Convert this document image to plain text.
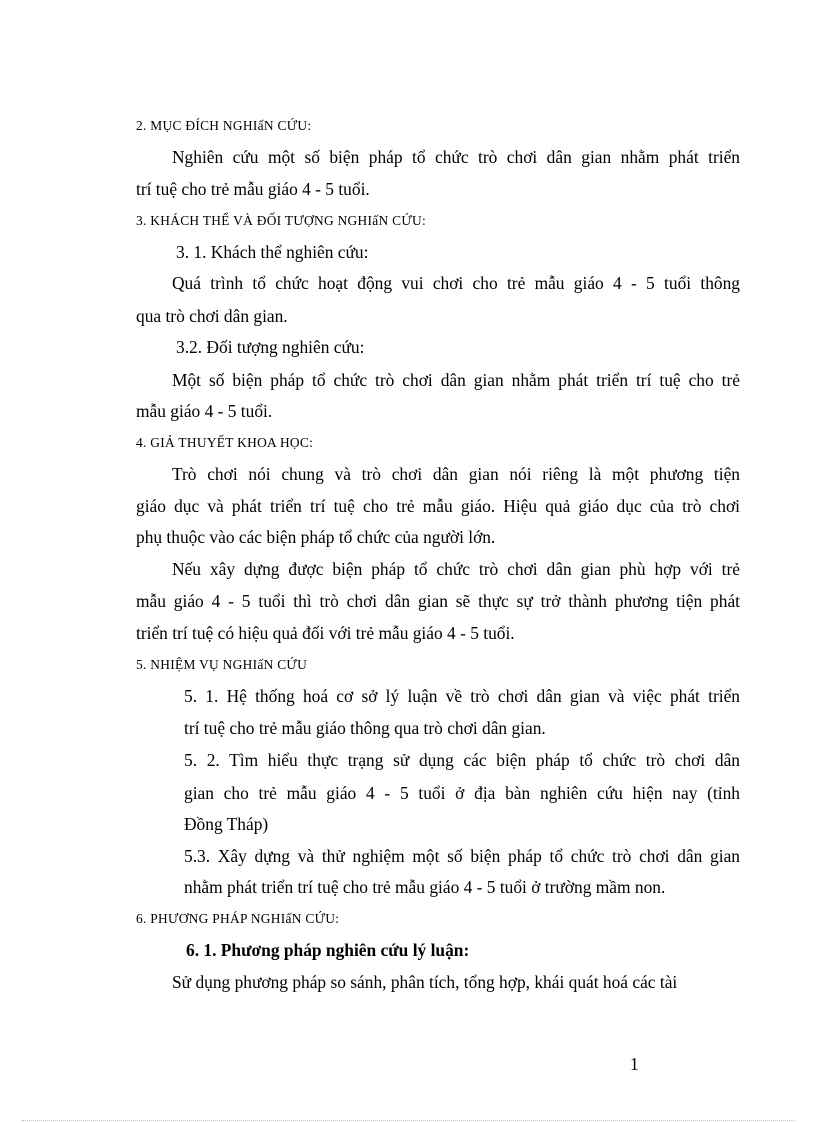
2. MỤC ĐÍCH NGHIấN CỨU:
Nghiên cứu một số biện pháp tổ chức trò chơi dân gian nhằm phát triển
trí tuệ cho trẻ mẫu giáo 4 - 5 tuổi.
3. KHÁCH THỂ VÀ ĐỐI TƯỢNG NGHIấN CỨU:
3. 1. Khách thể nghiên cứu:
Quá trình tổ chức hoạt động vui chơi cho trẻ mẫu giáo 4 - 5 tuổi thông
qua trò chơi dân gian.
3.2. Đối tượng nghiên cứu:
Một số biện pháp tổ chức trò chơi dân gian nhằm phát triển trí tuệ cho trẻ
mẫu giáo 4 - 5 tuổi.
4. GIẢ THUYẾT KHOA HỌC:
Trò chơi nói chung và trò chơi dân gian nói riêng là một phương tiện
giáo dục và phát triển trí tuệ cho trẻ mẫu giáo. Hiệu quả giáo dục của trò chơi
phụ thuộc vào các biện pháp tổ chức của người lớn.
Nếu xây dựng được biện pháp tổ chức trò chơi dân gian phù hợp với trẻ
mẫu giáo 4 - 5 tuổi thì trò chơi dân gian sẽ thực sự trở thành phương tiện phát
triển trí tuệ có hiệu quả đối với trẻ mẫu giáo 4 - 5 tuổi.
5. NHIỆM VỤ NGHIấN CỨU
5. 1. Hệ thống hoá cơ sở lý luận về trò chơi dân gian và việc phát triển
trí tuệ cho trẻ mẫu giáo thông qua trò chơi dân gian.
5. 2. Tìm hiểu thực trạng sử dụng các biện pháp tổ chức trò chơi dân
gian cho trẻ mẫu giáo 4 - 5 tuổi ở địa bàn nghiên cứu hiện nay (tỉnh
Đồng Tháp)
5.3. Xây dựng và thử nghiệm một số biện pháp tổ chức trò chơi dân gian
nhằm phát triển trí tuệ cho trẻ mẫu giáo 4 - 5 tuổi ở trường mầm non.
6. PHƯƠNG PHÁP NGHIấN CỨU:
6. 1. Phương pháp nghiên cứu lý luận:
Sử dụng phương pháp so sánh, phân tích, tổng hợp, khái quát hoá các tài
1
